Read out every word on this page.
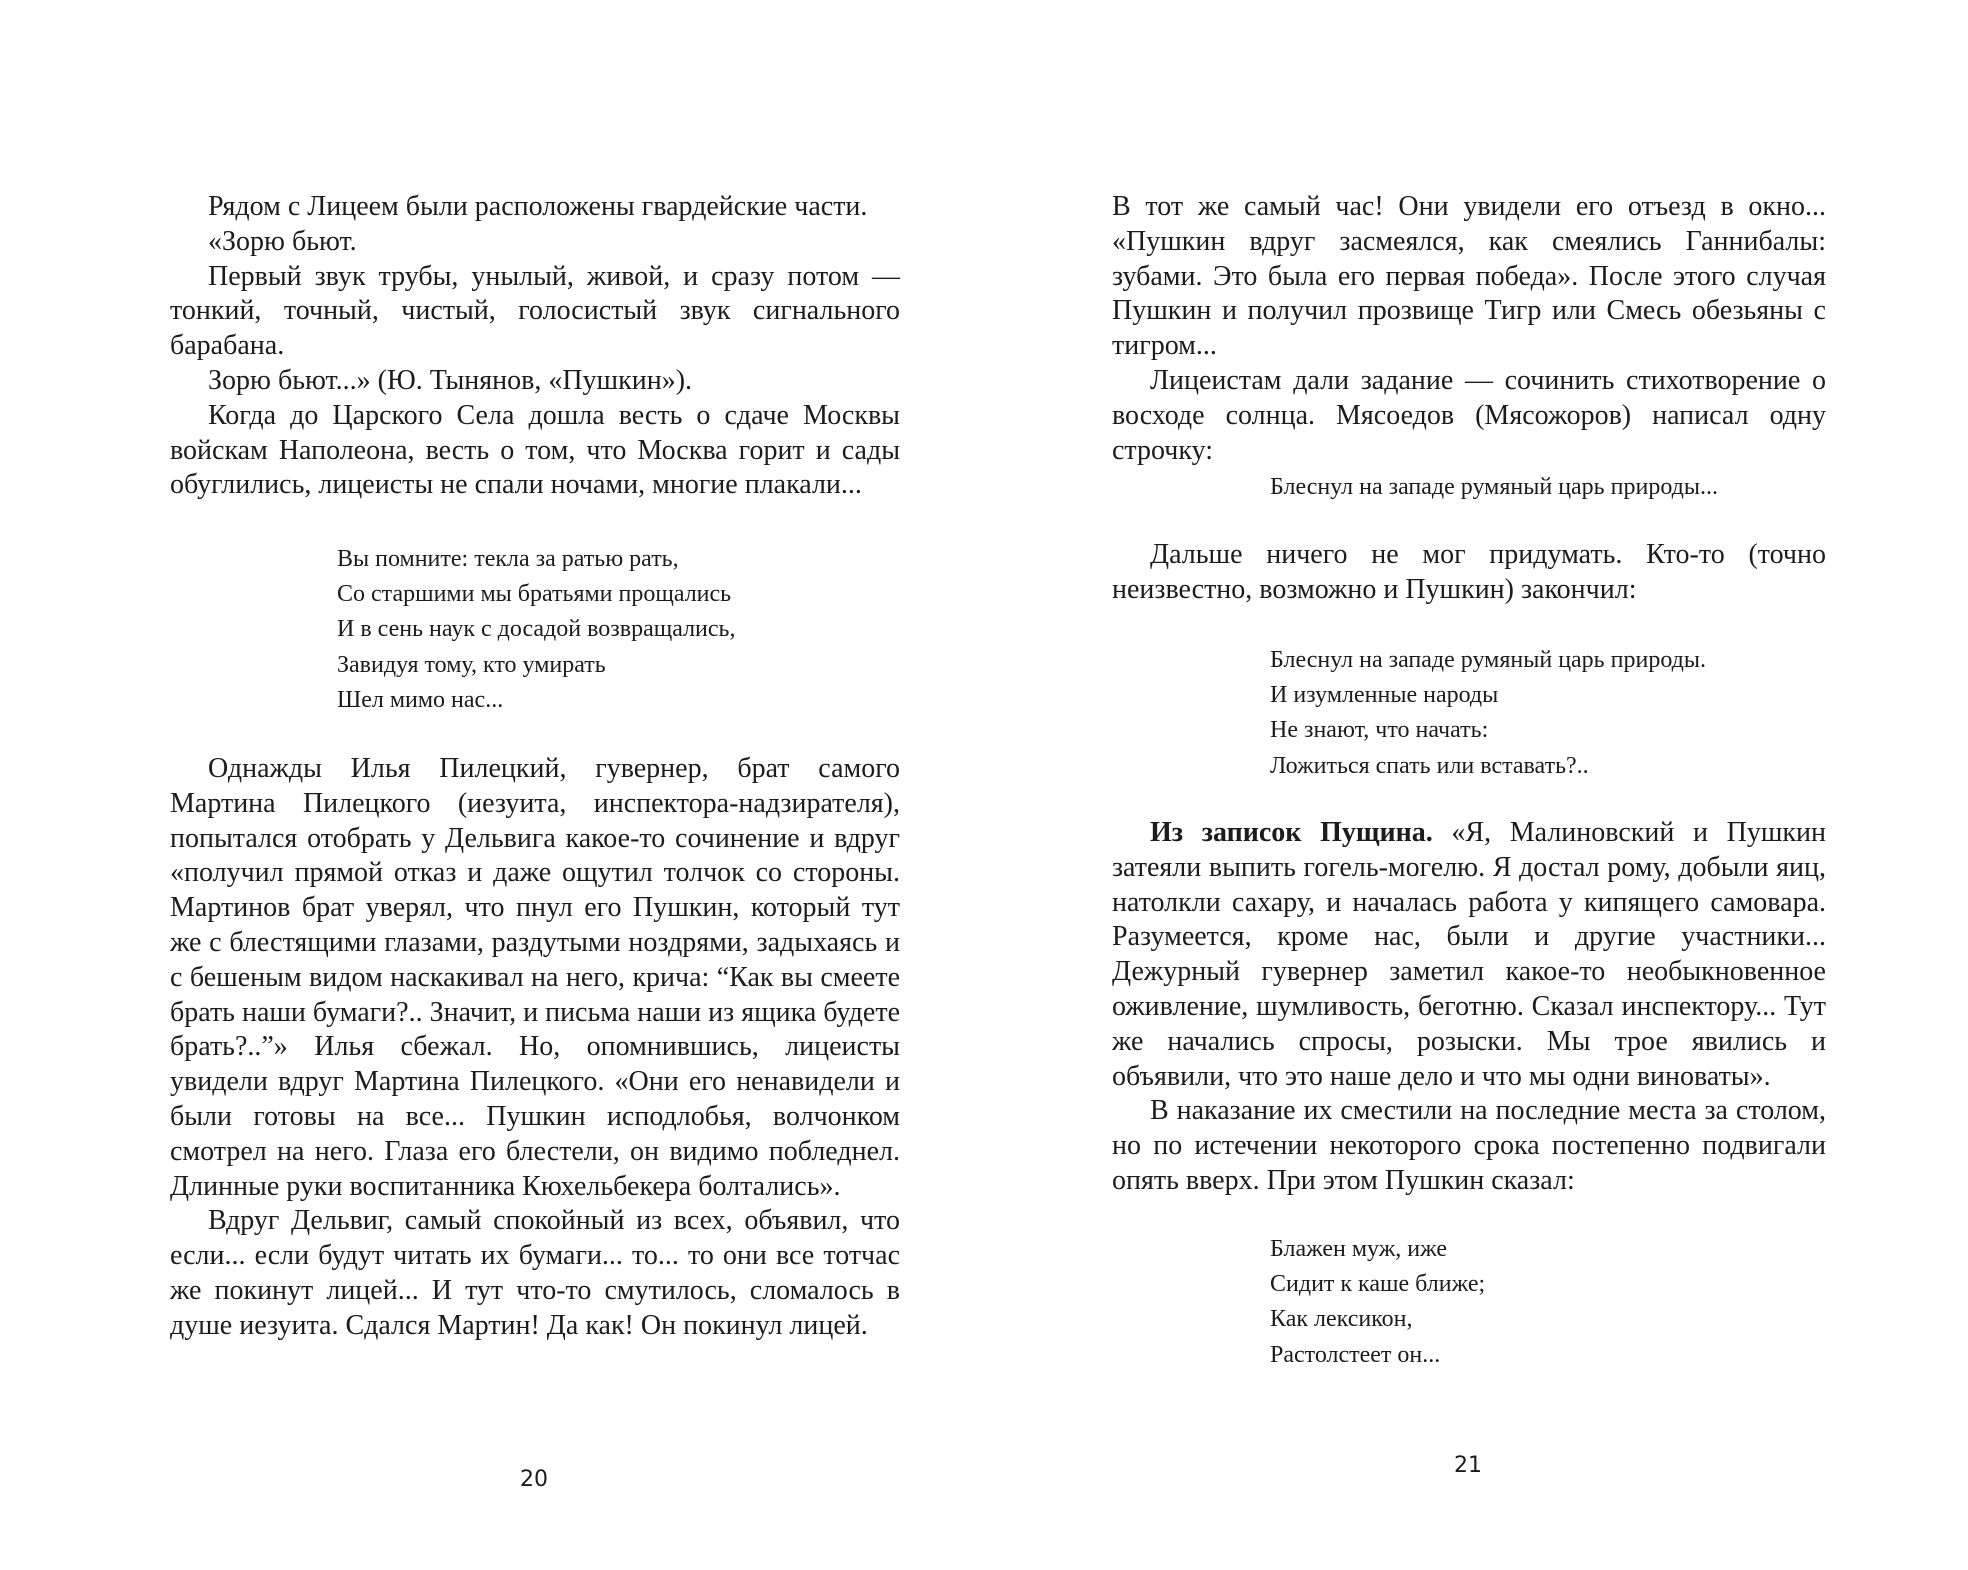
Рядом с Лицеем были расположены гвардейские части.

«Зорю бьют.

Первый звук трубы, унылый, живой, и сразу потом — тонкий, точный, чистый, голосистый звук сигнального барабана.

Зорю бьют...» (Ю. Тынянов, «Пушкин»).

Когда до Царского Села дошла весть о сдаче Москвы войскам Наполеона, весть о том, что Москва горит и сады обуглились, лицеисты не спали ночами, многие плакали...

Вы помните: текла за ратью рать,
Со старшими мы братьями прощались
И в сень наук с досадой возвращались,
Завидуя тому, кто умирать
Шел мимо нас...

Однажды Илья Пилецкий, гувернер, брат самого Мартина Пилецкого (иезуита, инспектора-надзирателя), попытался отобрать у Дельвига какое-то сочинение и вдруг «получил прямой отказ и даже ощутил толчок со стороны. Мартинов брат уверял, что пнул его Пушкин, который тут же с блестящими глазами, раздутыми ноздрями, задыхаясь и с бешеным видом наскакивал на него, крича: “Как вы смеете брать наши бумаги?.. Значит, и письма наши из ящика будете брать?..”» Илья сбежал. Но, опомнившись, лицеисты увидели вдруг Мартина Пилецкого. «Они его ненавидели и были готовы на все... Пушкин исподлобья, волчонком смотрел на него. Глаза его блестели, он видимо побледнел. Длинные руки воспитанника Кюхельбекера болтались».

Вдруг Дельвиг, самый спокойный из всех, объявил, что если... если будут читать их бумаги... то... то они все тотчас же покинут лицей... И тут что-то смутилось, сломалось в душе иезуита. Сдался Мартин! Да как! Он покинул лицей.

20

В тот же самый час! Они увидели его отъезд в окно... «Пушкин вдруг засмеялся, как смеялись Ганнибалы: зубами. Это была его первая победа». После этого случая Пушкин и получил прозвище Тигр или Смесь обезьяны с тигром...

Лицеистам дали задание — сочинить стихотворение о восходе солнца. Мясоедов (Мясожоров) написал одну строчку:

Блеснул на западе румяный царь природы...

Дальше ничего не мог придумать. Кто-то (точно неизвестно, возможно и Пушкин) закончил:

Блеснул на западе румяный царь природы.
И изумленные народы
Не знают, что начать:
Ложиться спать или вставать?..

Из записок Пущина. «Я, Малиновский и Пушкин затеяли выпить гогель-могелю. Я достал рому, добыли яиц, натолкли сахару, и началась работа у кипящего самовара. Разумеется, кроме нас, были и другие участники... Дежурный гувернер заметил какое-то необыкновенное оживление, шумливость, беготню. Сказал инспектору... Тут же начались спросы, розыски. Мы трое явились и объявили, что это наше дело и что мы одни виноваты».

В наказание их сместили на последние места за столом, но по истечении некоторого срока постепенно подвигали опять вверх. При этом Пушкин сказал:

Блажен муж, иже
Сидит к каше ближе;
Как лексикон,
Растолстеет он...
21
